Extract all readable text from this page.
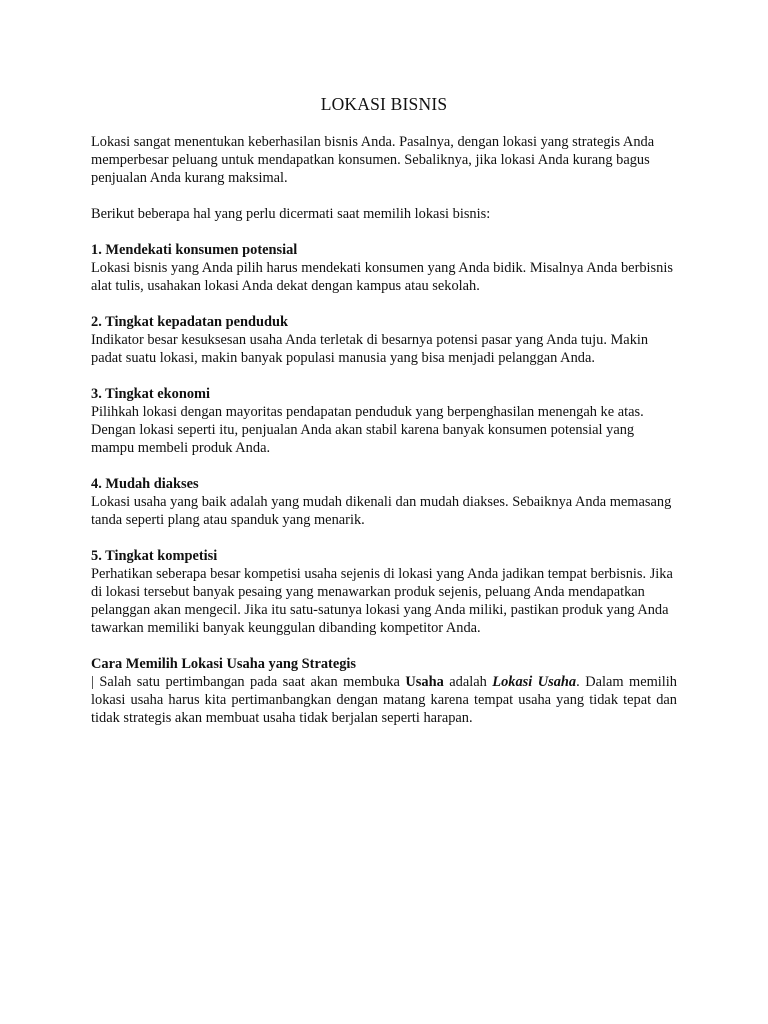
LOKASI BISNIS

Lokasi sangat menentukan keberhasilan bisnis Anda. Pasalnya, dengan lokasi yang strategis Anda memperbesar peluang untuk mendapatkan konsumen. Sebaliknya, jika lokasi Anda kurang bagus penjualan Anda kurang maksimal.

Berikut beberapa hal yang perlu dicermati saat memilih lokasi bisnis:

1. Mendekati konsumen potensial
Lokasi bisnis yang Anda pilih harus mendekati konsumen yang Anda bidik. Misalnya Anda berbisnis alat tulis, usahakan lokasi Anda dekat dengan kampus atau sekolah.
2. Tingkat kepadatan penduduk
Indikator besar kesuksesan usaha Anda terletak di besarnya potensi pasar yang Anda tuju. Makin padat suatu lokasi, makin banyak populasi manusia yang bisa menjadi pelanggan Anda.
3. Tingkat ekonomi
Pilihkah lokasi dengan mayoritas pendapatan penduduk yang berpenghasilan menengah ke atas. Dengan lokasi seperti itu, penjualan Anda akan stabil karena banyak konsumen potensial yang mampu membeli produk Anda.
4. Mudah diakses
Lokasi usaha yang baik adalah yang mudah dikenali dan mudah diakses. Sebaiknya Anda memasang tanda seperti plang atau spanduk yang menarik.
5. Tingkat kompetisi
Perhatikan seberapa besar kompetisi usaha sejenis di lokasi yang Anda jadikan tempat berbisnis. Jika di lokasi tersebut banyak pesaing yang menawarkan produk sejenis, peluang Anda mendapatkan pelanggan akan mengecil. Jika itu satu-satunya lokasi yang Anda miliki, pastikan produk yang Anda tawarkan memiliki banyak keunggulan dibanding kompetitor Anda.
Cara Memilih Lokasi Usaha yang Strategis
| Salah satu pertimbangan pada saat akan membuka Usaha adalah Lokasi Usaha. Dalam memilih lokasi usaha harus kita pertimanbangkan dengan matang karena tempat usaha yang tidak tepat dan tidak strategis akan membuat usaha tidak berjalan seperti harapan.
